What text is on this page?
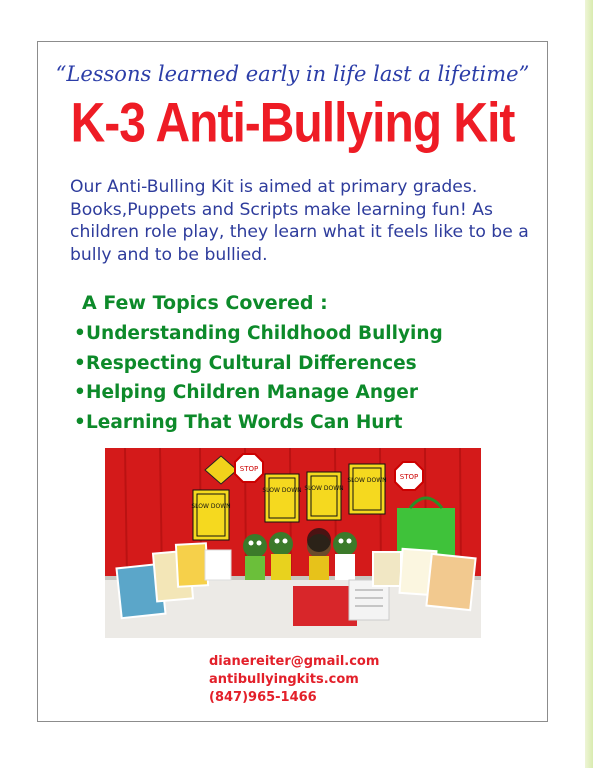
“Lessons learned early in life last a lifetime”
K-3 Anti-Bullying Kit
Our Anti-Bulling Kit is aimed at primary grades. Books,Puppets and Scripts make learning fun! As children role play, they learn what it feels like to be a bully and to be bullied.
A Few Topics Covered :
•Understanding Childhood Bullying
•Respecting Cultural Differences
•Helping Children Manage Anger
•Learning That Words Can Hurt
STOP
SLOW DOWN
SLOW DOWN SLOW DOWN
SLOW DOWN STOP
dianereiter@gmail.com
antibullyingkits.com
(847)965-1466
